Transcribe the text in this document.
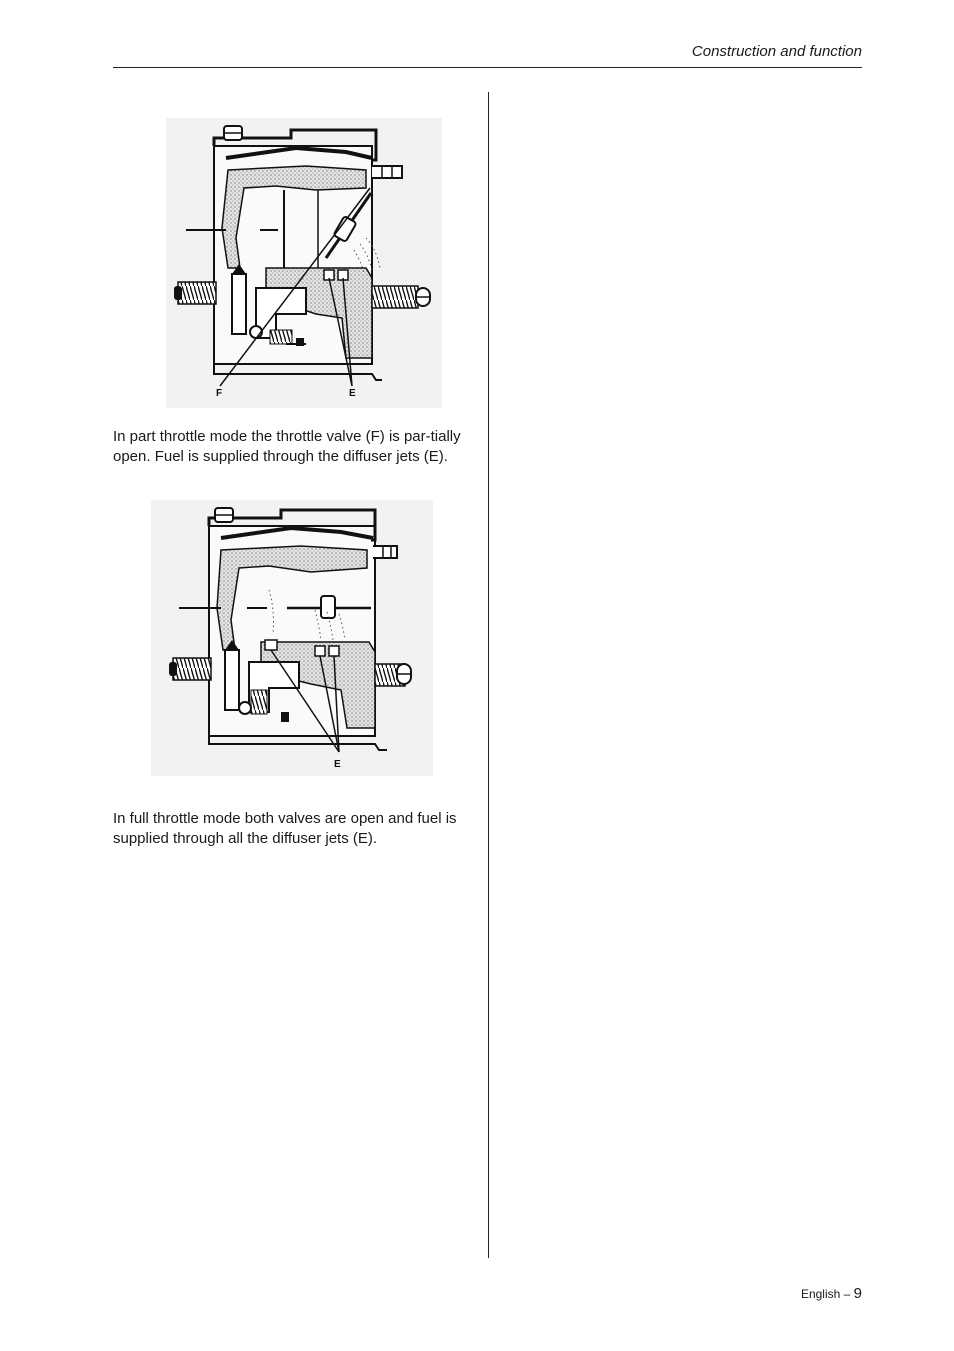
Construction and function
F	E
In part throttle mode the throttle valve (F) is par-tially open. Fuel is supplied through the diffuser jets (E).
E
In full throttle mode both valves are open and fuel is supplied through all the diffuser jets (E).
English – 9
